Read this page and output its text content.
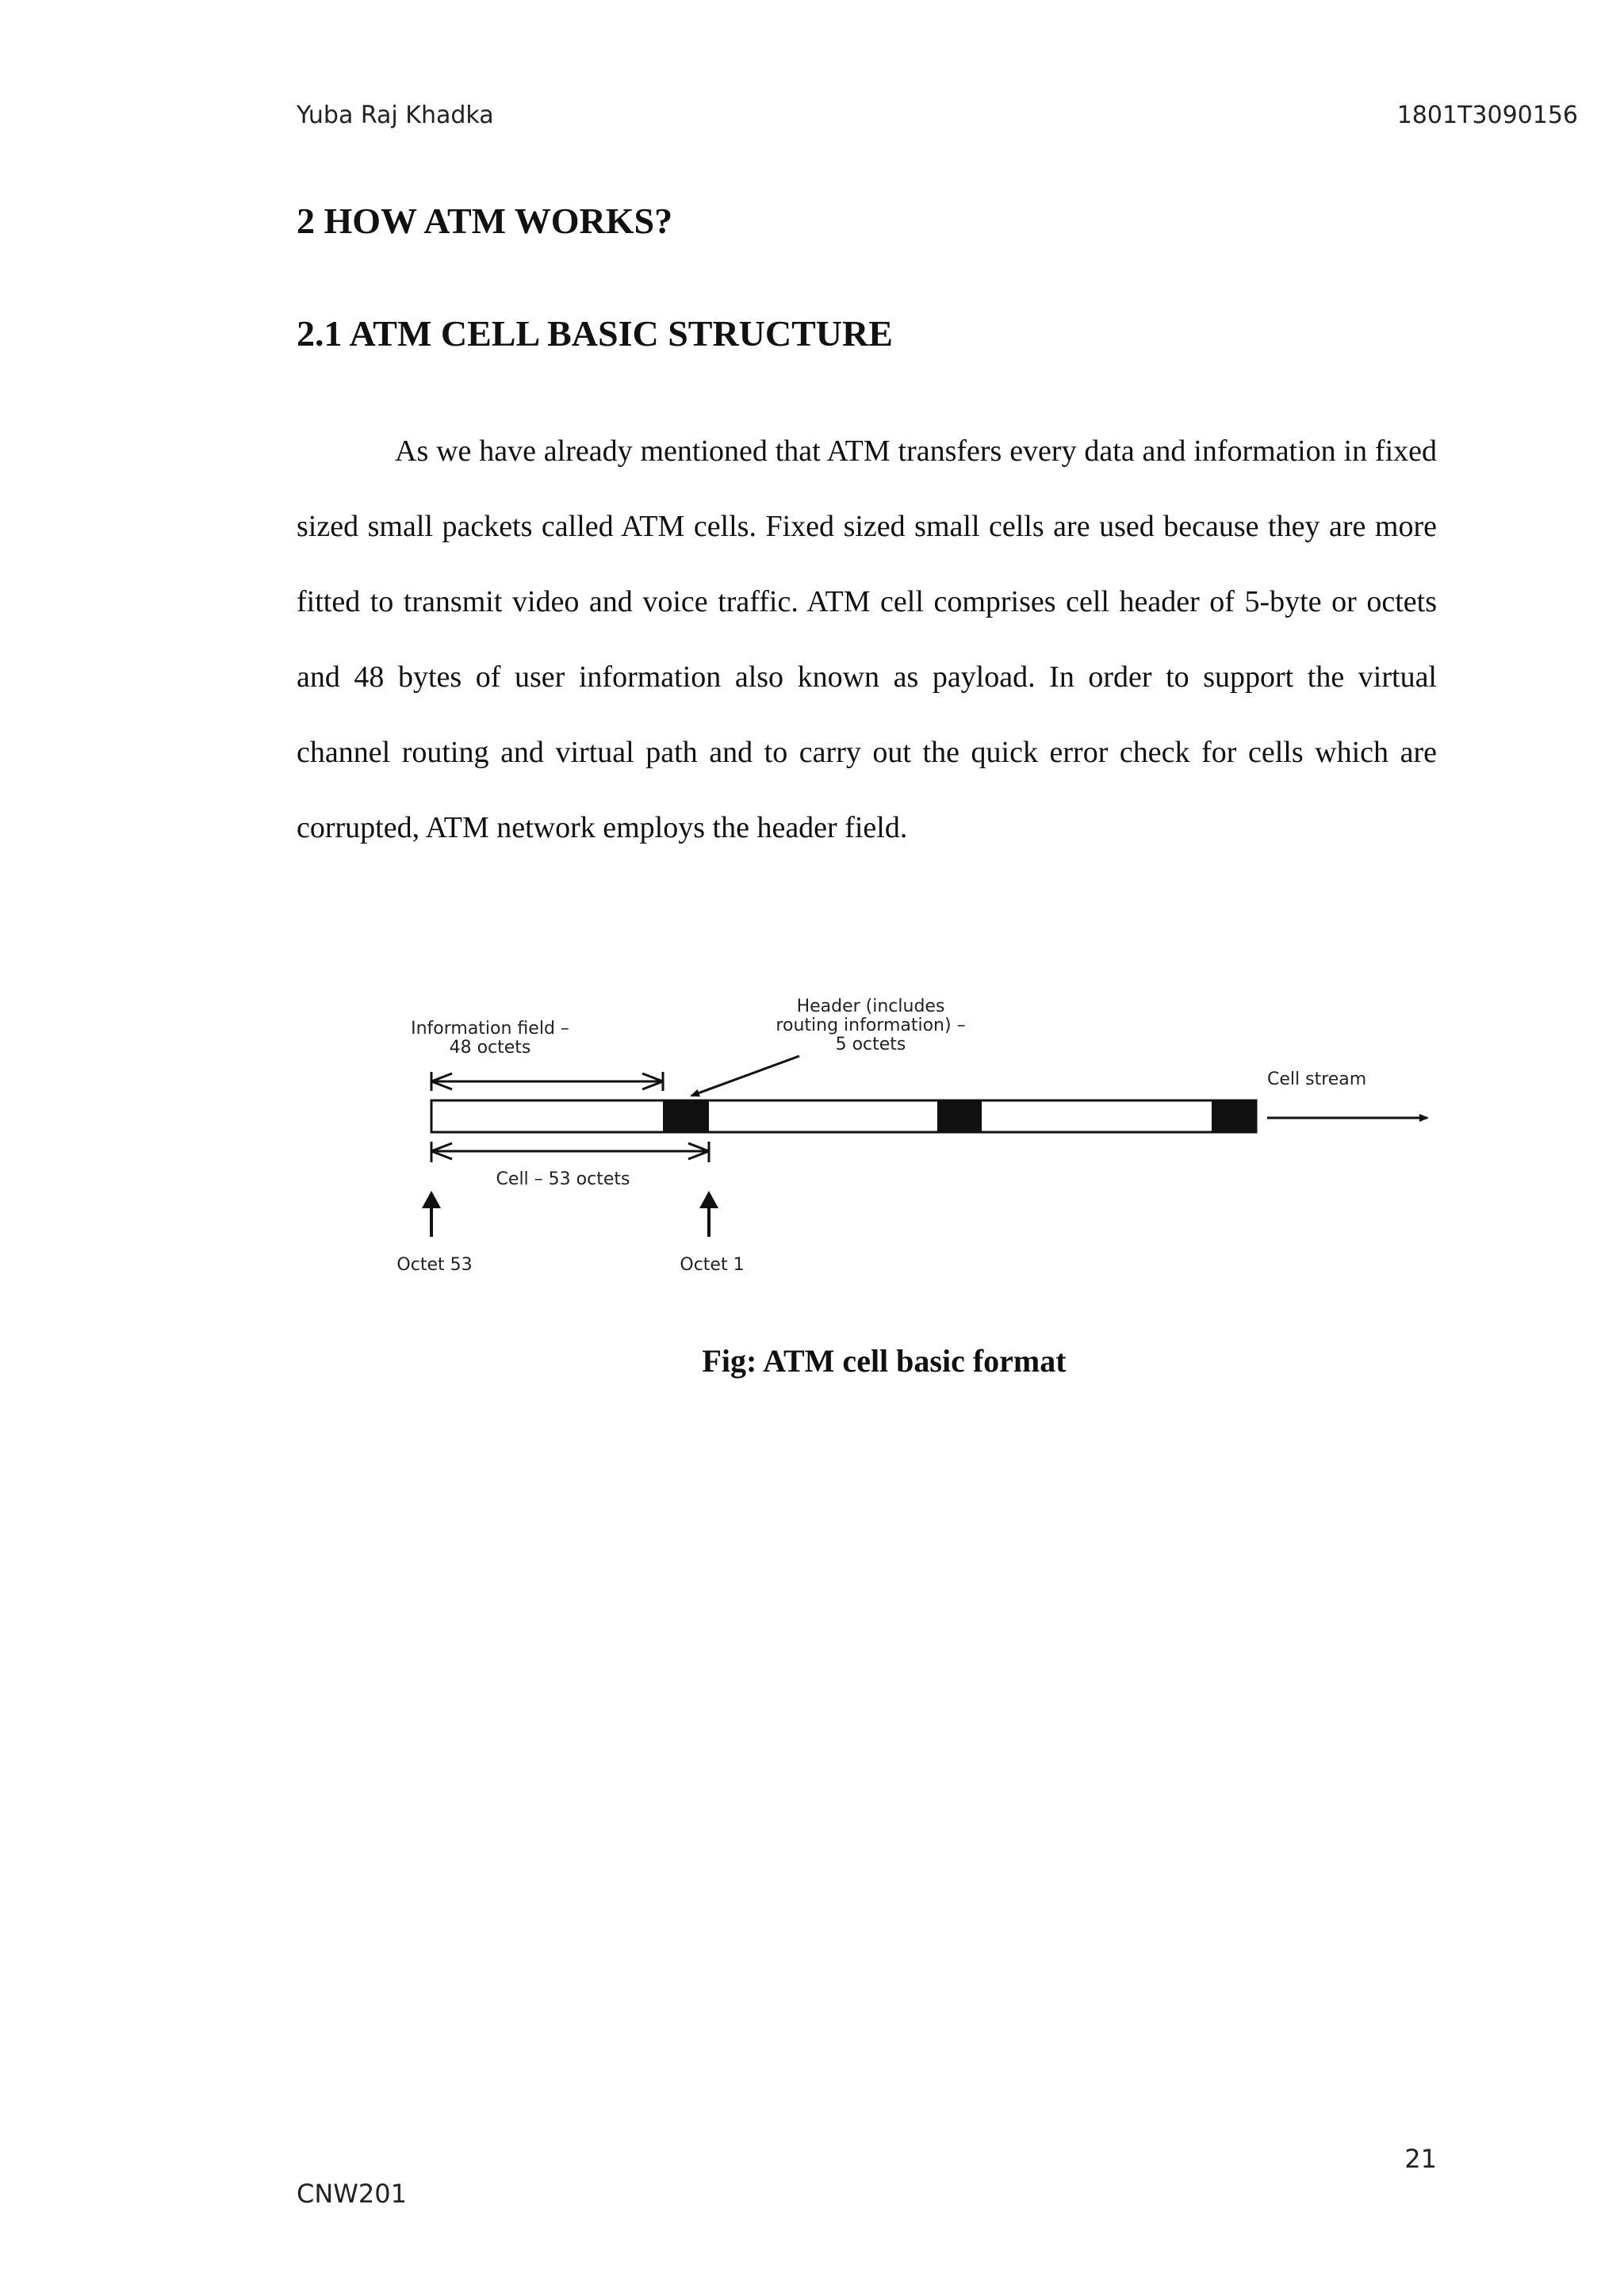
Yuba Raj Khadka	1801T3090156
2 HOW ATM WORKS?
2.1 ATM CELL BASIC STRUCTURE

As we have already mentioned that ATM transfers every data and information in fixed sized small packets called ATM cells. Fixed sized small cells are used because they are more fitted to transmit video and voice traffic. ATM cell comprises cell header of 5-byte or octets and 48 bytes of user information also known as payload. In order to support the virtual channel routing and virtual path and to carry out the quick error check for cells which are corrupted, ATM network employs the header field.

Information field –
48 octets
Header (includes
routing information) –
5 octets
Cell stream
Cell – 53 octets
Octet 53	Octet 1
Fig: ATM cell basic format
21
CNW201
